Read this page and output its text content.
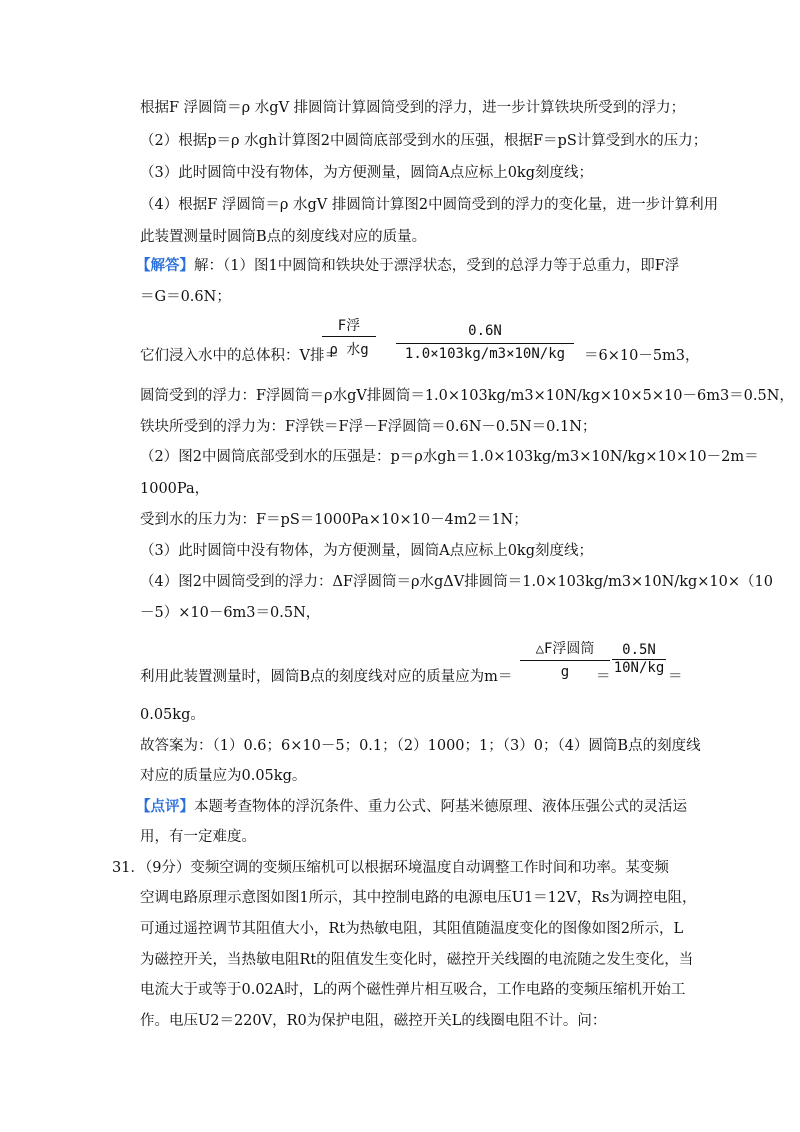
根据F 浮圆筒＝ρ 水gV 排圆筒计算圆筒受到的浮力，进一步计算铁块所受到的浮力；
（2）根据p＝ρ 水gh计算图2中圆筒底部受到水的压强，根据F＝pS计算受到水的压力；
（3）此时圆筒中没有物体，为方便测量，圆筒A点应标上0kg刻度线；
（4）根据F 浮圆筒＝ρ 水gV 排圆筒计算图2中圆筒受到的浮力的变化量，进一步计算利用
此装置测量时圆筒B点的刻度线对应的质量。
【解答】解：（1）图1中圆筒和铁块处于漂浮状态，受到的总浮力等于总重力，即F浮
＝G＝0.6N；
它们浸入水中的总体积：V排＝
F浮
ρ 水g
0.6N
1.0×103kg/m3×10N/kg	＝6×10－5m3，
圆筒受到的浮力：F浮圆筒＝ρ水gV排圆筒＝1.0×103kg/m3×10N/kg×10×5×10－6m3＝0.5N，
铁块所受到的浮力为：F浮铁＝F浮－F浮圆筒＝0.6N－0.5N＝0.1N；
（2）图2中圆筒底部受到水的压强是：p＝ρ水gh＝1.0×103kg/m3×10N/kg×10×10－2m＝
1000Pa，
受到水的压力为：F＝pS＝1000Pa×10×10－4m2＝1N；
（3）此时圆筒中没有物体，为方便测量，圆筒A点应标上0kg刻度线；
（4）图2中圆筒受到的浮力：ΔF浮圆筒＝ρ水gΔV排圆筒＝1.0×103kg/m3×10N/kg×10×（10
－5）×10－6m3＝0.5N，
利用此装置测量时，圆筒B点的刻度线对应的质量应为m＝
△F浮圆筒
g	＝
0.5N
10N/kg
＝
0.05kg。
故答案为：（1）0.6；6×10－5；0.1；（2）1000；1；（3）0；（4）圆筒B点的刻度线
对应的质量应为0.05kg。
【点评】本题考查物体的浮沉条件、重力公式、阿基米德原理、液体压强公式的灵活运
用，有一定难度。
31．（9分）变频空调的变频压缩机可以根据环境温度自动调整工作时间和功率。某变频
空调电路原理示意图如图1所示，其中控制电路的电源电压U1＝12V，Rs为调控电阻，
可通过遥控调节其阻值大小，Rt为热敏电阻，其阻值随温度变化的图像如图2所示，L
为磁控开关，当热敏电阻Rt的阻值发生变化时，磁控开关线圈的电流随之发生变化，当
电流大于或等于0.02A时，L的两个磁性弹片相互吸合，工作电路的变频压缩机开始工
作。电压U2＝220V，R0为保护电阻，磁控开关L的线圈电阻不计。问：
